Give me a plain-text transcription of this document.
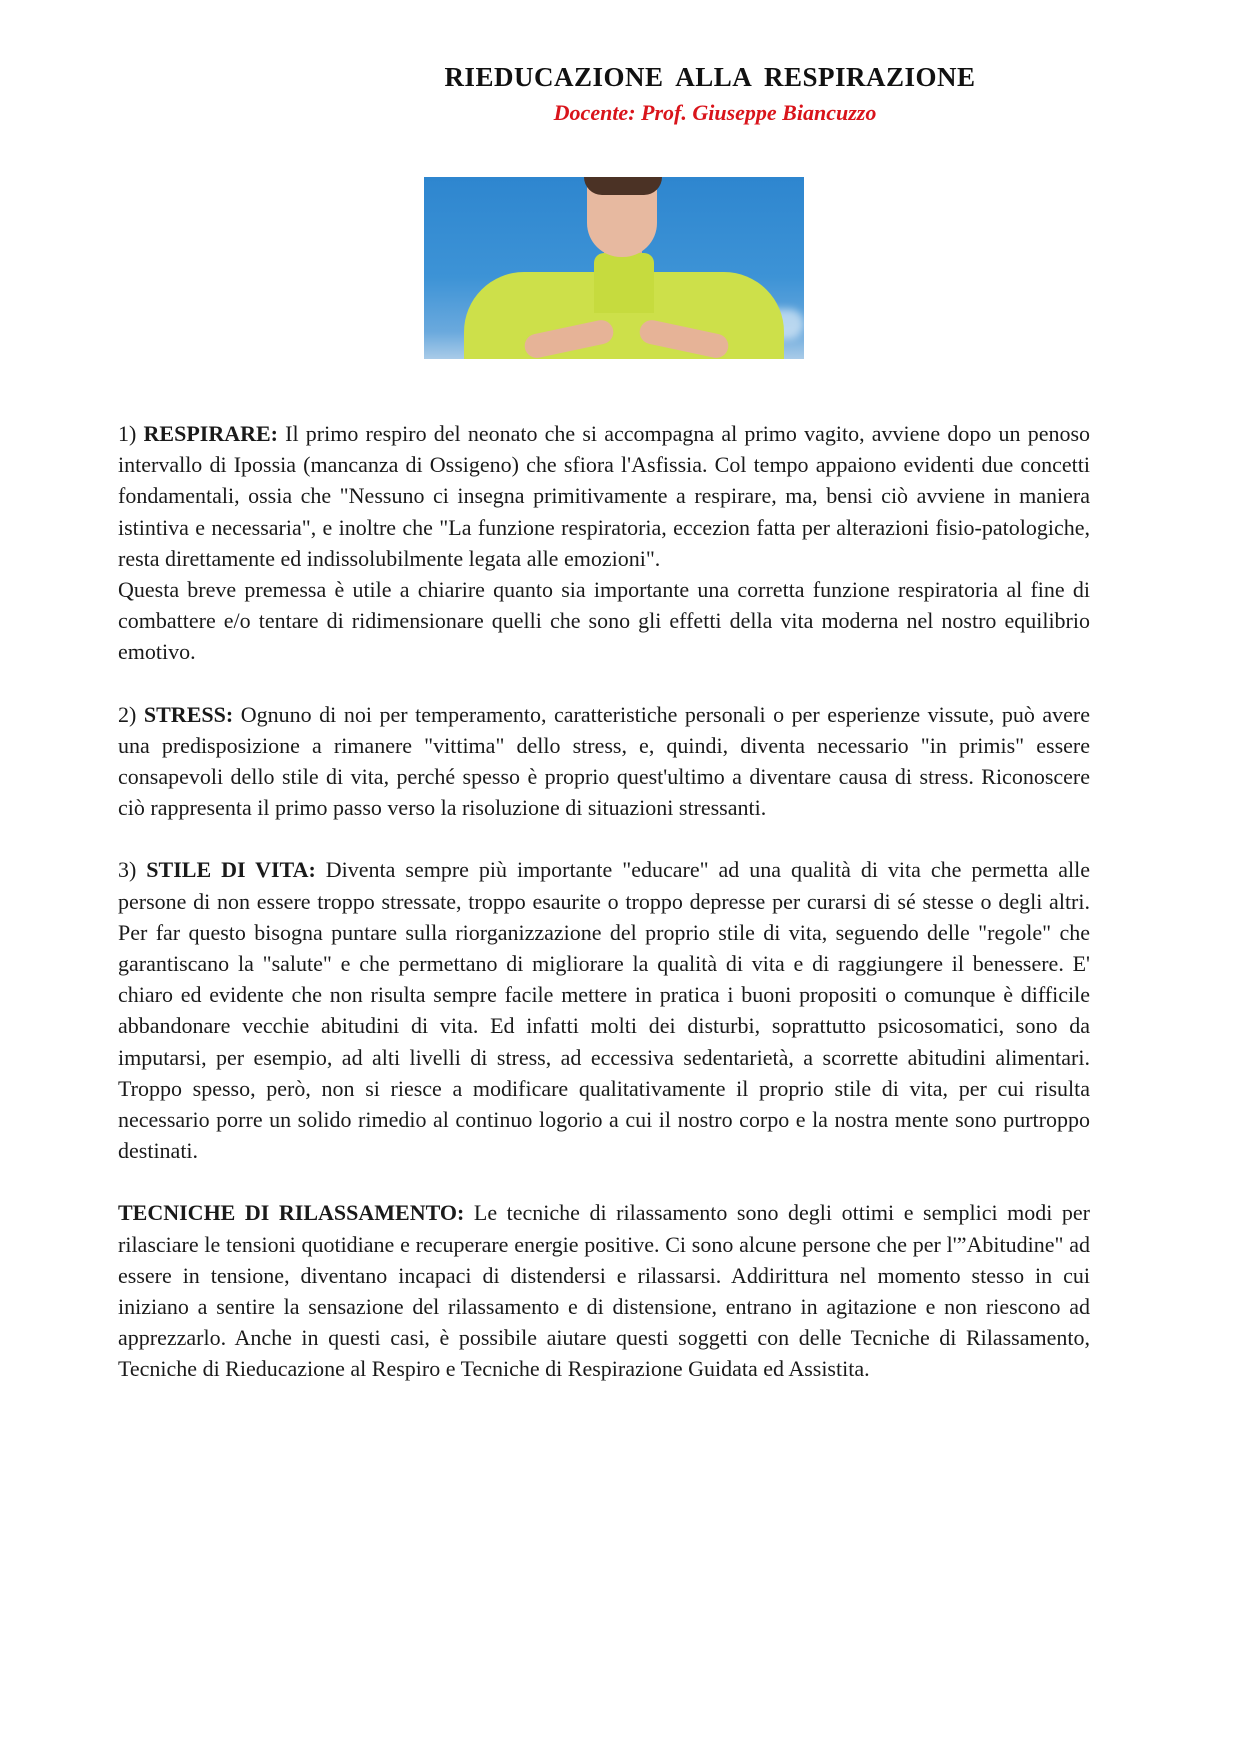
RIEDUCAZIONE ALLA RESPIRAZIONE
Docente: Prof. Giuseppe Biancuzzo

1) RESPIRARE: Il primo respiro del neonato che si accompagna al primo vagito, avviene dopo un penoso intervallo di Ipossia (mancanza di Ossigeno) che sfiora l'Asfissia. Col tempo appaiono evidenti due concetti fondamentali, ossia che "Nessuno ci insegna primitivamente a respirare, ma, bensi ciò avviene in maniera istintiva e necessaria", e inoltre che "La funzione respiratoria, eccezion fatta per alterazioni fisio-patologiche, resta direttamente ed indissolubilmente legata alle emozioni".

Questa breve premessa è utile a chiarire quanto sia importante una corretta funzione respiratoria al fine di combattere e/o tentare di ridimensionare quelli che sono gli effetti della vita moderna nel nostro equilibrio emotivo.

2) STRESS: Ognuno di noi per temperamento, caratteristiche personali o per esperienze vissute, può avere una predisposizione a rimanere "vittima" dello stress, e, quindi, diventa necessario "in primis" essere consapevoli dello stile di vita, perché spesso è proprio quest'ultimo a diventare causa di stress. Riconoscere ciò rappresenta il primo passo verso la risoluzione di situazioni stressanti.

3) STILE DI VITA: Diventa sempre più importante "educare" ad una qualità di vita che permetta alle persone di non essere troppo stressate, troppo esaurite o troppo depresse per curarsi di sé stesse o degli altri. Per far questo bisogna puntare sulla riorganizzazione del proprio stile di vita, seguendo delle "regole" che garantiscano la "salute" e che permettano di migliorare la qualità di vita e di raggiungere il benessere. E' chiaro ed evidente che non risulta sempre facile mettere in pratica i buoni propositi o comunque è difficile abbandonare vecchie abitudini di vita. Ed infatti molti dei disturbi, soprattutto psicosomatici, sono da imputarsi, per esempio, ad alti livelli di stress, ad eccessiva sedentarietà, a scorrette abitudini alimentari. Troppo spesso, però, non si riesce a modificare qualitativamente il proprio stile di vita, per cui risulta necessario porre un solido rimedio al continuo logorio a cui il nostro corpo e la nostra mente sono purtroppo destinati.

TECNICHE DI RILASSAMENTO: Le tecniche di rilassamento sono degli ottimi e semplici modi per rilasciare le tensioni quotidiane e recuperare energie positive. Ci sono alcune persone che per l'”Abitudine" ad essere in tensione, diventano incapaci di distendersi e rilassarsi. Addirittura nel momento stesso in cui iniziano a sentire la sensazione del rilassamento e di distensione, entrano in agitazione e non riescono ad apprezzarlo. Anche in questi casi, è possibile aiutare questi soggetti con delle Tecniche di Rilassamento, Tecniche di Rieducazione al Respiro e Tecniche di Respirazione Guidata ed Assistita.
